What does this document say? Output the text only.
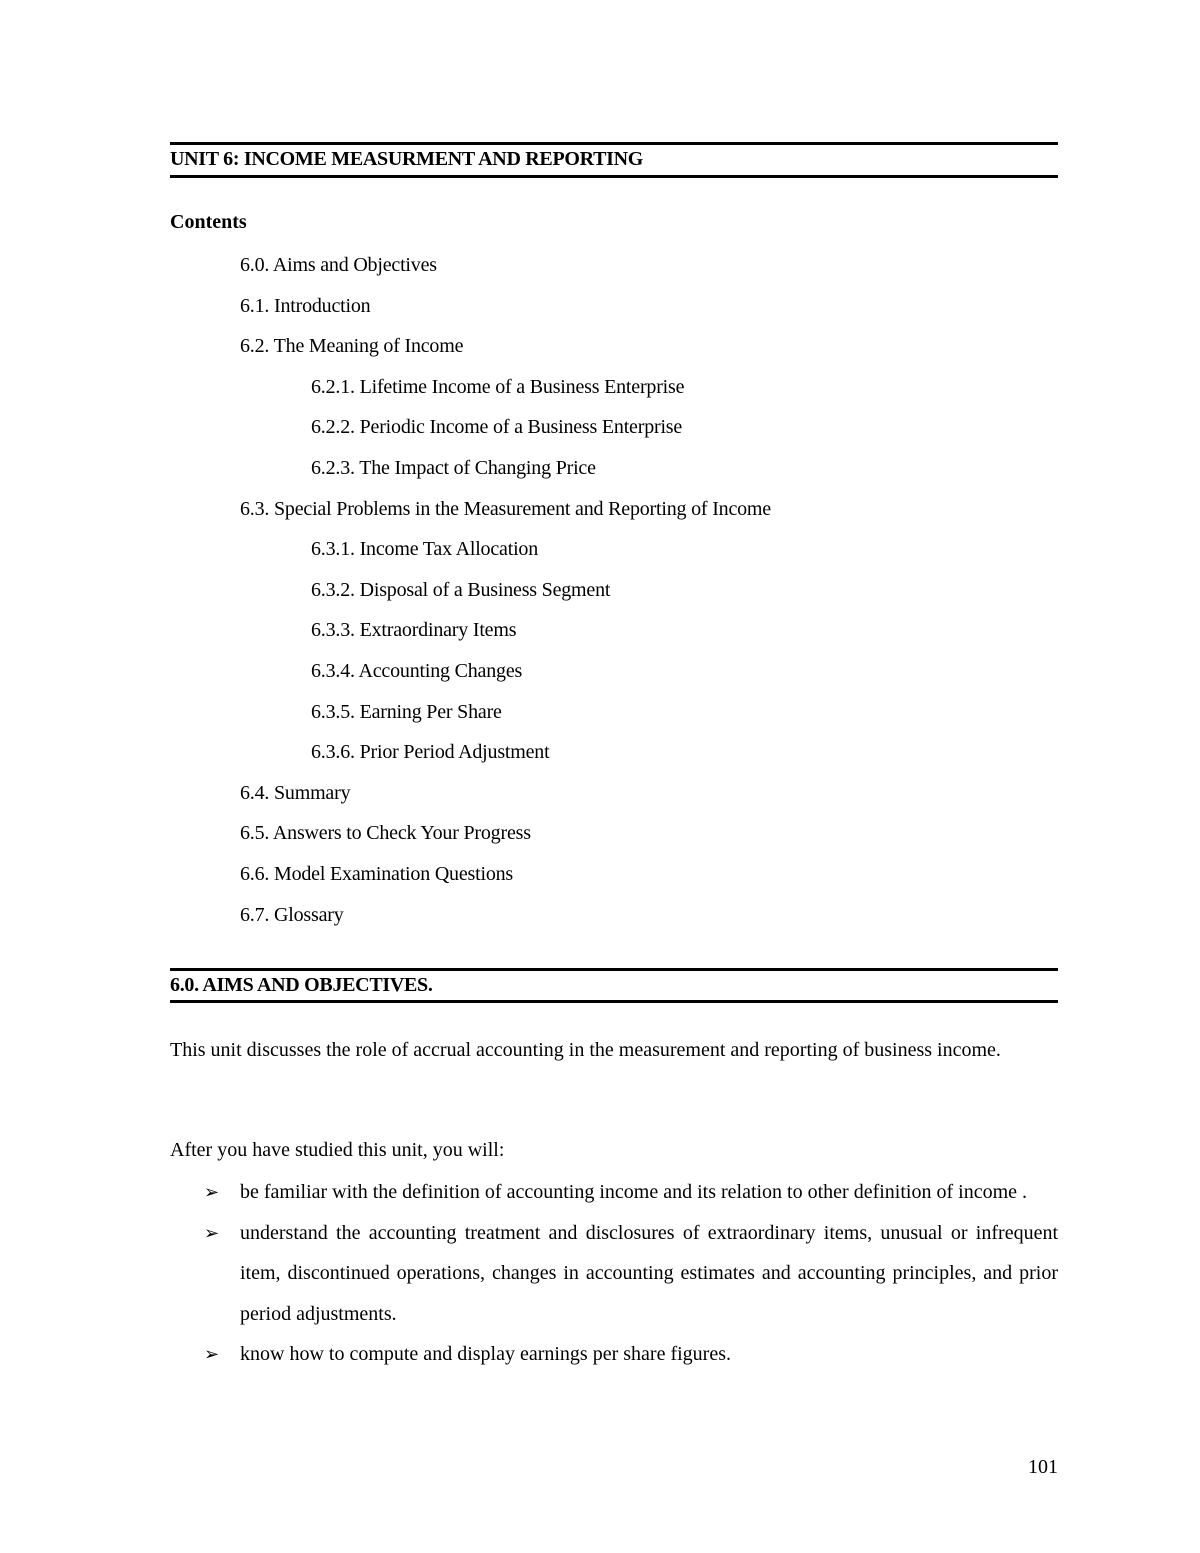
UNIT 6: INCOME MEASURMENT AND REPORTING
Contents
6.0. Aims and Objectives
6.1. Introduction
6.2. The Meaning of Income
6.2.1. Lifetime Income of a Business Enterprise
6.2.2. Periodic Income of a Business Enterprise
6.2.3. The Impact of Changing Price
6.3. Special Problems in the Measurement and Reporting of Income
6.3.1. Income Tax Allocation
6.3.2. Disposal of a Business Segment
6.3.3. Extraordinary Items
6.3.4. Accounting Changes
6.3.5. Earning Per Share
6.3.6. Prior Period Adjustment
6.4. Summary
6.5. Answers to Check Your Progress
6.6. Model Examination Questions
6.7. Glossary
6.0. AIMS AND OBJECTIVES.

This unit discusses the role of accrual accounting in the measurement and reporting of business income.

After you have studied this unit, you will:

➢ be familiar with the definition of accounting income and its relation to other definition of income .
➢ understand the accounting treatment and disclosures of extraordinary items, unusual or infrequent item, discontinued operations, changes in accounting estimates and accounting principles, and prior period adjustments.
➢ know how to compute and display earnings per share figures.
101
